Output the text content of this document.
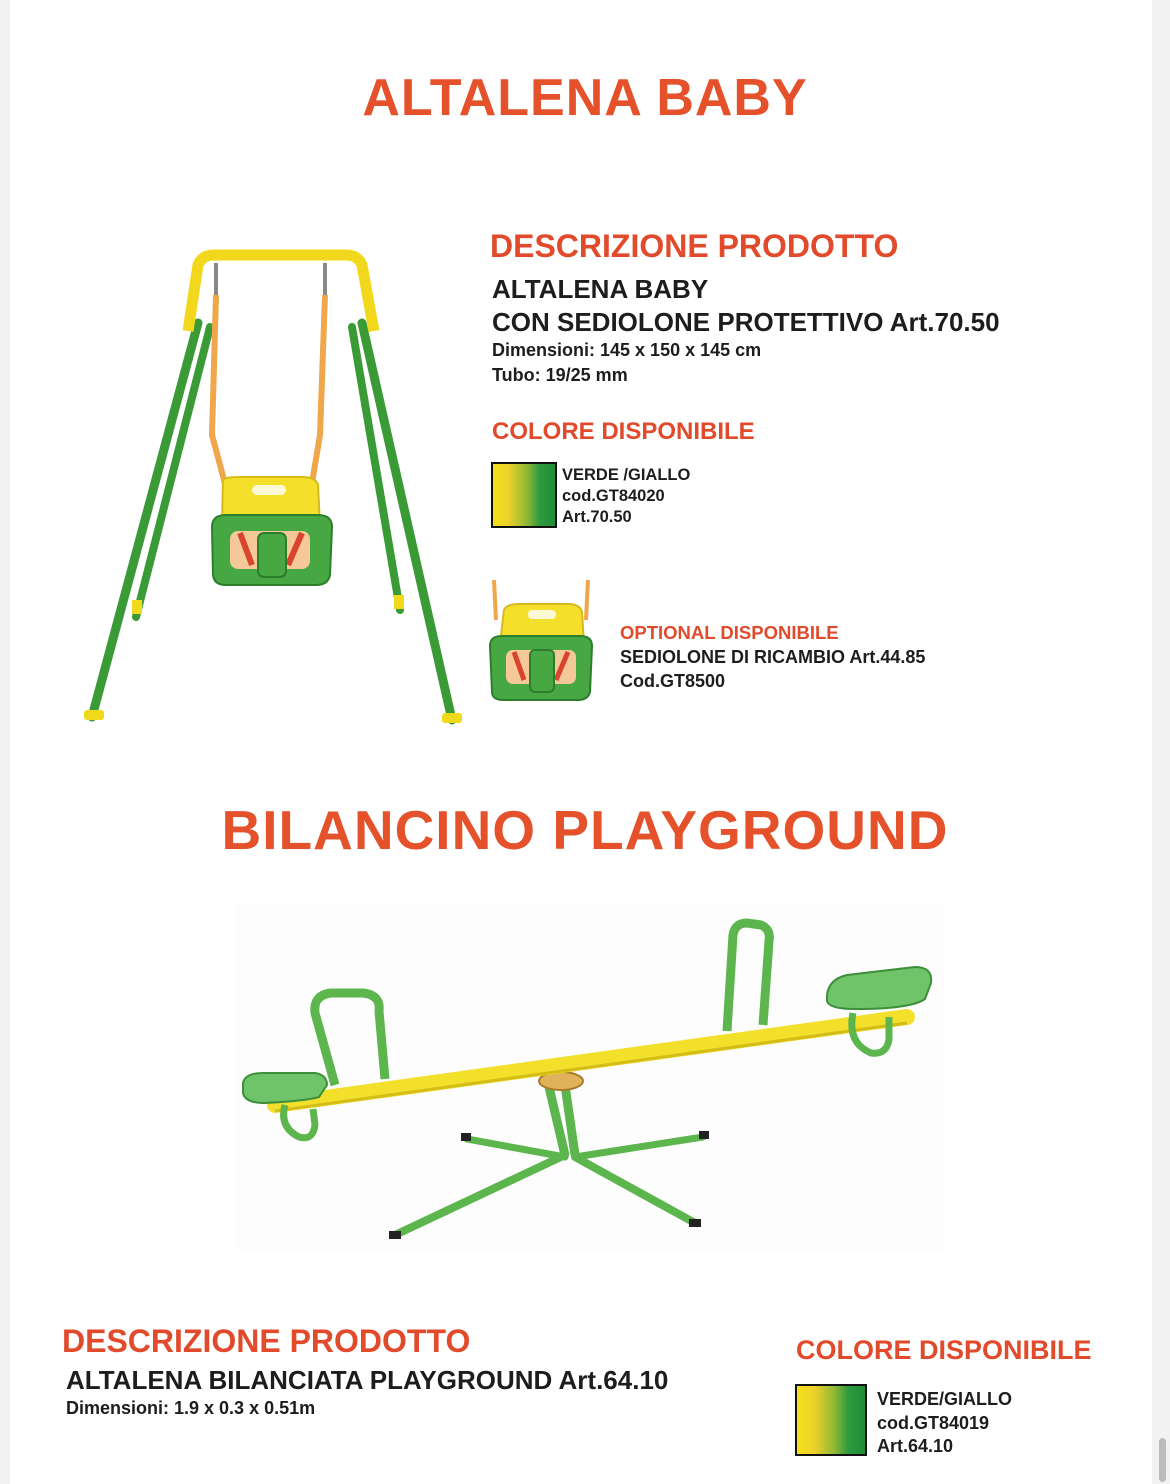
ALTALENA BABY
DESCRIZIONE PRODOTTO
ALTALENA BABY
CON SEDIOLONE PROTETTIVO Art.70.50
Dimensioni: 145 x 150 x 145 cm
Tubo: 19/25 mm
COLORE DISPONIBILE
VERDE /GIALLO
cod.GT84020
Art.70.50
OPTIONAL DISPONIBILE
SEDIOLONE DI RICAMBIO Art.44.85
Cod.GT8500
BILANCINO PLAYGROUND
DESCRIZIONE PRODOTTO
ALTALENA BILANCIATA PLAYGROUND Art.64.10
Dimensioni: 1.9 x 0.3 x 0.51m
COLORE DISPONIBILE
VERDE/GIALLO
cod.GT84019
Art.64.10
